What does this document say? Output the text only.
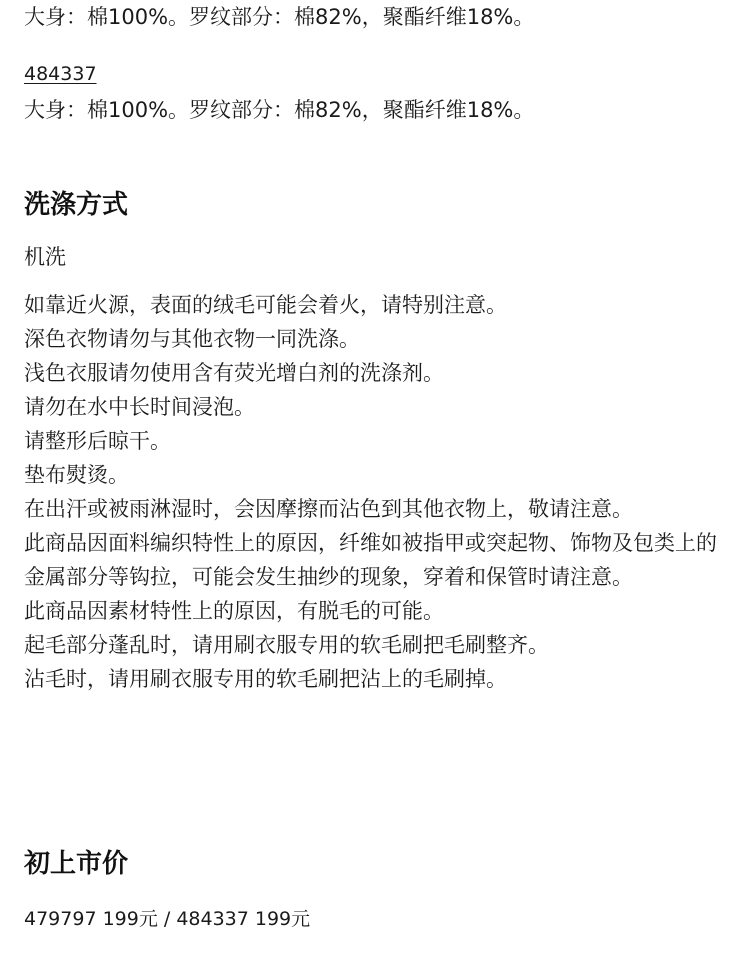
大身：棉100%。罗纹部分：棉82%，聚酯纤维18%。
484337
大身：棉100%。罗纹部分：棉82%，聚酯纤维18%。
洗涤方式
机洗

如靠近火源，表面的绒毛可能会着火，请特别注意。

深色衣物请勿与其他衣物一同洗涤。

浅色衣服请勿使用含有荧光增白剂的洗涤剂。

请勿在水中长时间浸泡。

请整形后晾干。

垫布熨烫。

在出汗或被雨淋湿时，会因摩擦而沾色到其他衣物上，敬请注意。

此商品因面料编织特性上的原因，纤维如被指甲或突起物、饰物及包类上的金属部分等钩拉，可能会发生抽纱的现象，穿着和保管时请注意。

此商品因素材特性上的原因，有脱毛的可能。

起毛部分蓬乱时，请用刷衣服专用的软毛刷把毛刷整齐。

沾毛时，请用刷衣服专用的软毛刷把沾上的毛刷掉。

初上市价
479797 199元 / 484337 199元
